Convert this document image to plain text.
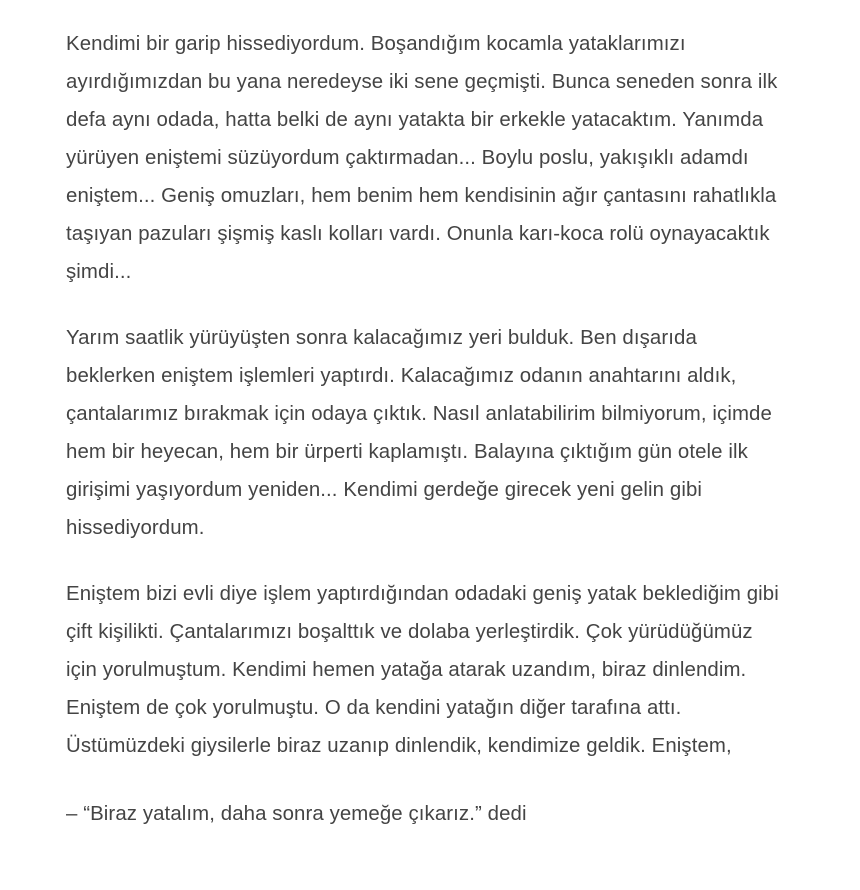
Kendimi bir garip hissediyordum. Boşandığım kocamla yataklarımızı ayırdığımızdan bu yana neredeyse iki sene geçmişti. Bunca seneden sonra ilk defa aynı odada, hatta belki de aynı yatakta bir erkekle yatacaktım. Yanımda yürüyen eniştemi süzüyordum çaktırmadan... Boylu poslu, yakışıklı adamdı eniştem... Geniş omuzları, hem benim hem kendisinin ağır çantasını rahatlıkla taşıyan pazuları şişmiş kaslı kolları vardı. Onunla karı-koca rolü oynayacaktık şimdi...

Yarım saatlik yürüyüşten sonra kalacağımız yeri bulduk. Ben dışarıda beklerken eniştem işlemleri yaptırdı. Kalacağımız odanın anahtarını aldık, çantalarımız bırakmak için odaya çıktık. Nasıl anlatabilirim bilmiyorum, içimde hem bir heyecan, hem bir ürperti kaplamıştı. Balayına çıktığım gün otele ilk girişimi yaşıyordum yeniden... Kendimi gerdeğe girecek yeni gelin gibi hissediyordum.

Eniştem bizi evli diye işlem yaptırdığından odadaki geniş yatak beklediğim gibi çift kişilikti. Çantalarımızı boşalttık ve dolaba yerleştirdik. Çok yürüdüğümüz için yorulmuştum. Kendimi hemen yatağa atarak uzandım, biraz dinlendim. Eniştem de çok yorulmuştu. O da kendini yatağın diğer tarafına attı. Üstümüzdeki giysilerle biraz uzanıp dinlendik, kendimize geldik. Eniştem,

– “Biraz yatalım, daha sonra yemeğe çıkarız.” dedi
